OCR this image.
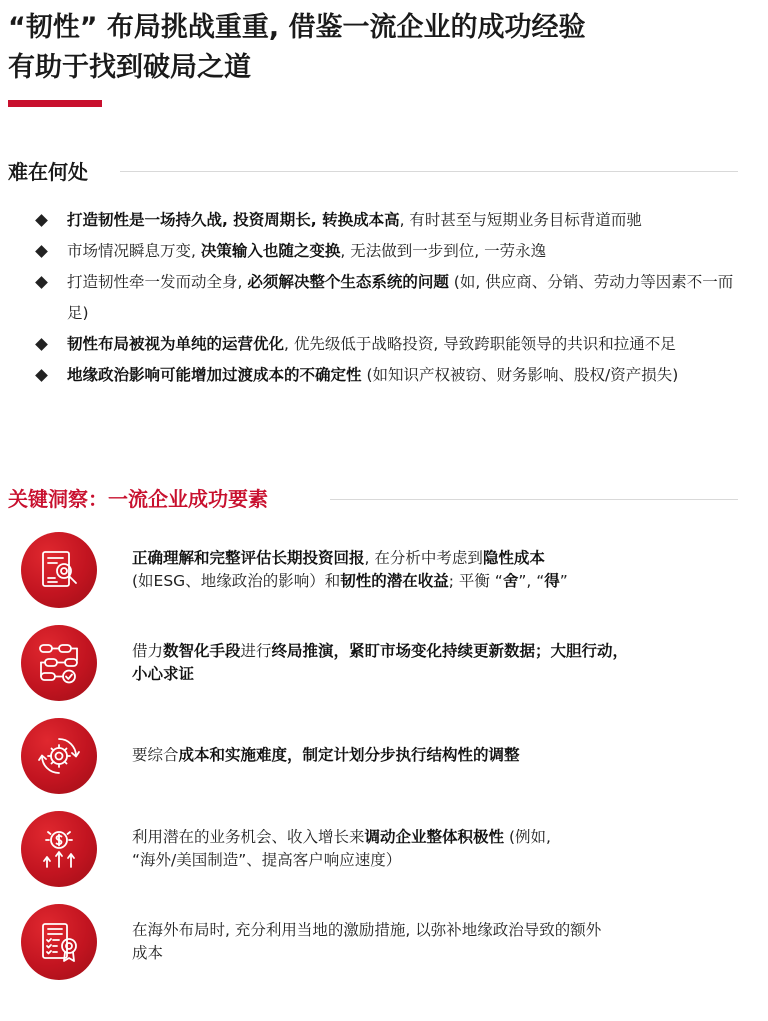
“韧性” 布局挑战重重, 借鉴一流企业的成功经验
有助于找到破局之道
难在何处
打造韧性是一场持久战, 投资周期长, 转换成本高, 有时甚至与短期业务目标背道而驰
市场情况瞬息万变, 决策输入也随之变换, 无法做到一步到位, 一劳永逸
打造韧性牵一发而动全身, 必须解决整个生态系统的问题 (如, 供应商、分销、劳动力等因素不一而足)
韧性布局被视为单纯的运营优化, 优先级低于战略投资, 导致跨职能领导的共识和拉通不足
地缘政治影响可能增加过渡成本的不确定性 (如知识产权被窃、财务影响、股权/资产损失)
关键洞察：一流企业成功要素
正确理解和完整评估长期投资回报, 在分析中考虑到隐性成本
(如ESG、地缘政治的影响）和韧性的潜在收益; 平衡 “舍”, “得”
借力数智化手段进行终局推演，紧盯市场变化持续更新数据；大胆行动，
小心求证
要综合成本和实施难度，制定计划分步执行结构性的调整
利用潜在的业务机会、收入增长来调动企业整体积极性 (例如,
“海外/美国制造”、提高客户响应速度）
在海外布局时, 充分利用当地的激励措施, 以弥补地缘政治导致的额外
成本
